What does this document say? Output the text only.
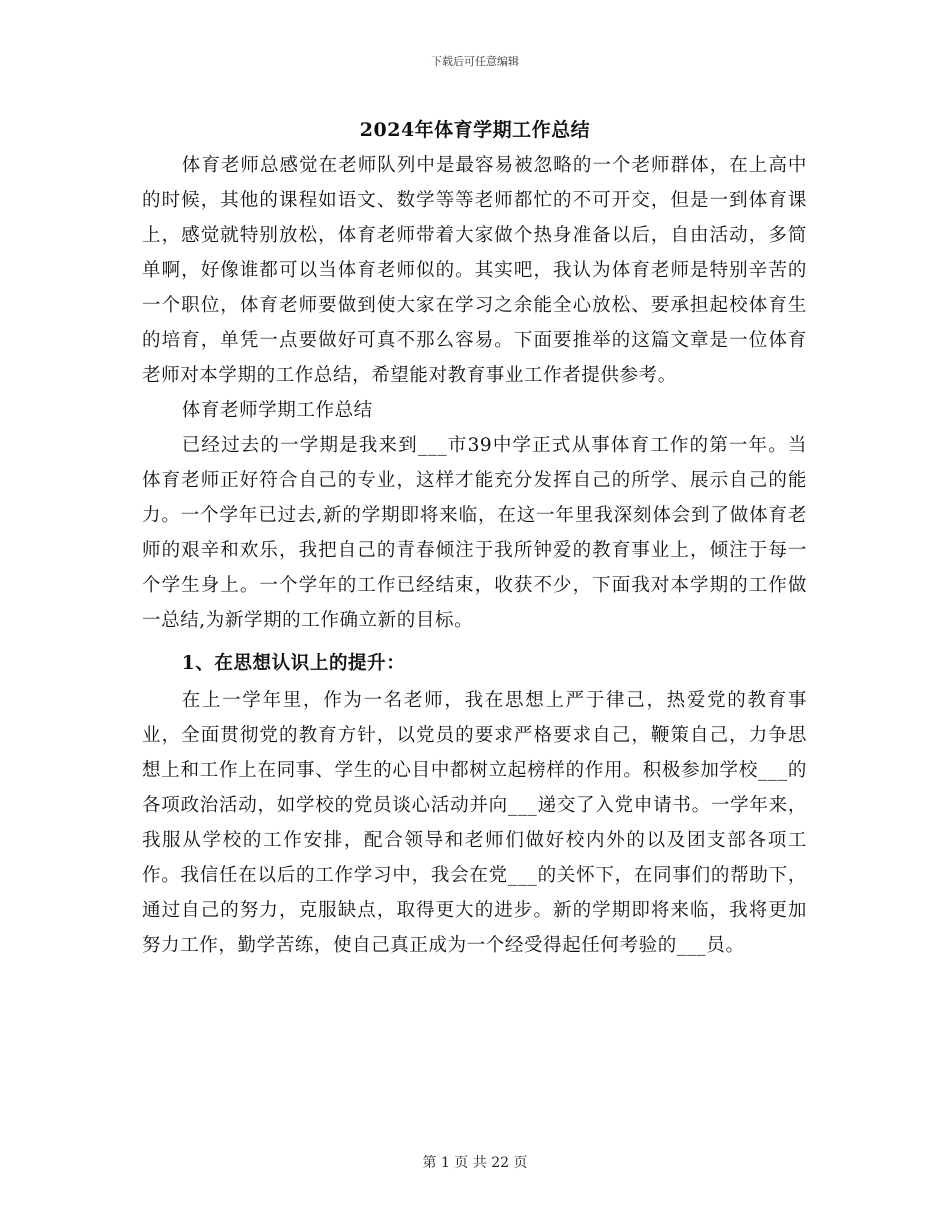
下载后可任意编辑
2024年体育学期工作总结

体育老师总感觉在老师队列中是最容易被忽略的一个老师群体，在上高中的时候，其他的课程如语文、数学等等老师都忙的不可开交，但是一到体育课上，感觉就特别放松，体育老师带着大家做个热身准备以后，自由活动，多简单啊，好像谁都可以当体育老师似的。其实吧，我认为体育老师是特别辛苦的一个职位，体育老师要做到使大家在学习之余能全心放松、要承担起校体育生的培育，单凭一点要做好可真不那么容易。下面要推举的这篇文章是一位体育老师对本学期的工作总结，希望能对教育事业工作者提供参考。

体育老师学期工作总结

已经过去的一学期是我来到___市39中学正式从事体育工作的第一年。当体育老师正好符合自己的专业，这样才能充分发挥自己的所学、展示自己的能力。一个学年已过去,新的学期即将来临，在这一年里我深刻体会到了做体育老师的艰辛和欢乐，我把自己的青春倾注于我所钟爱的教育事业上，倾注于每一个学生身上。一个学年的工作已经结束，收获不少，下面我对本学期的工作做一总结,为新学期的工作确立新的目标。

1、在思想认识上的提升：

在上一学年里，作为一名老师，我在思想上严于律己，热爱党的教育事业，全面贯彻党的教育方针，以党员的要求严格要求自己，鞭策自己，力争思想上和工作上在同事、学生的心目中都树立起榜样的作用。积极参加学校___的各项政治活动，如学校的党员谈心活动并向___递交了入党申请书。一学年来，我服从学校的工作安排，配合领导和老师们做好校内外的以及团支部各项工作。我信任在以后的工作学习中，我会在党___的关怀下，在同事们的帮助下，通过自己的努力，克服缺点，取得更大的进步。新的学期即将来临，我将更加努力工作，勤学苦练，使自己真正成为一个经受得起任何考验的___员。

第 1 页 共 22 页
